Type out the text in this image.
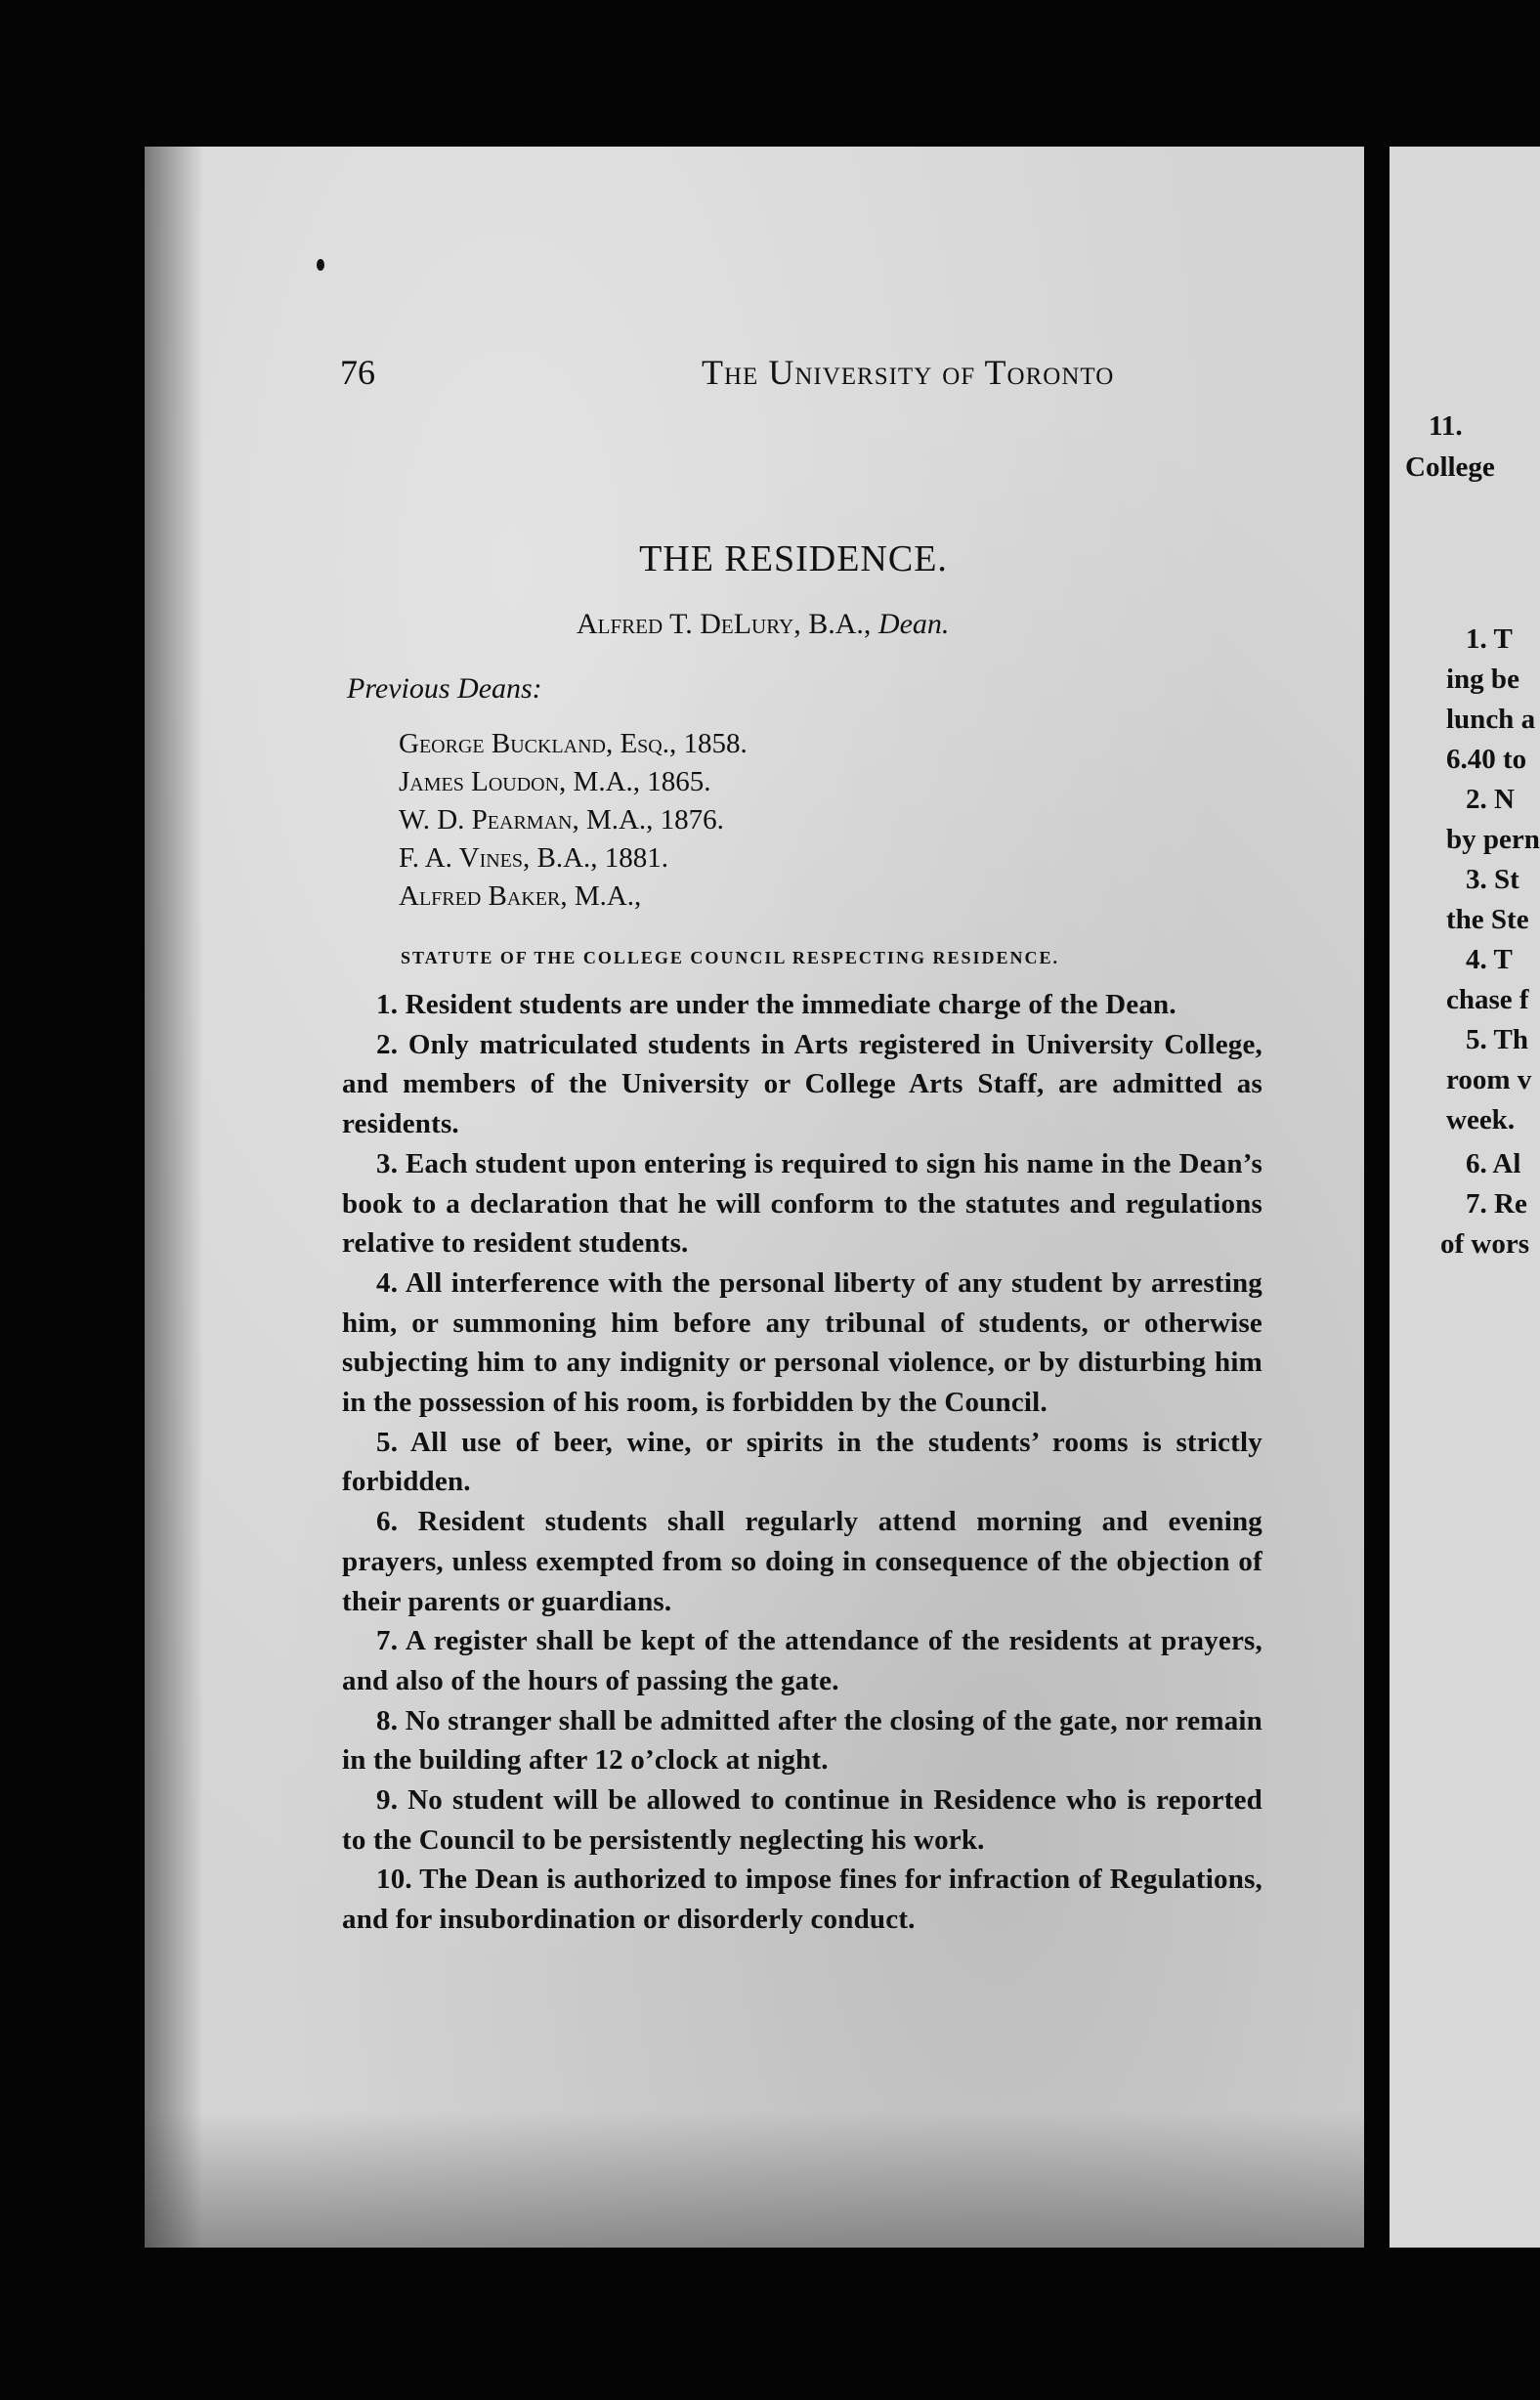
76	The University of Toronto
THE RESIDENCE.
Alfred T. DeLury, B.A., Dean.
Previous Deans:
George Buckland, Esq., 1858.
James Loudon, M.A., 1865.
W. D. Pearman, M.A., 1876.
F. A. Vines, B.A., 1881.
Alfred Baker, M.A.,
STATUTE OF THE COLLEGE COUNCIL RESPECTING RESIDENCE.

1. Resident students are under the immediate charge of the Dean.

2. Only matriculated students in Arts registered in University College, and members of the University or College Arts Staff, are admitted as residents.

3. Each student upon entering is required to sign his name in the Dean’s book to a declaration that he will conform to the statutes and regulations relative to resident students.

4. All interference with the personal liberty of any student by arresting him, or summoning him before any tribunal of students, or otherwise subjecting him to any indignity or personal violence, or by disturbing him in the possession of his room, is forbidden by the Council.

5. All use of beer, wine, or spirits in the students’ rooms is strictly forbidden.

6. Resident students shall regularly attend morning and evening prayers, unless exempted from so doing in consequence of the objection of their parents or guardians.

7. A register shall be kept of the attendance of the residents at prayers, and also of the hours of passing the gate.

8. No stranger shall be admitted after the closing of the gate, nor remain in the building after 12 o’clock at night.

9. No student will be allowed to continue in Residence who is reported to the Council to be persistently neglecting his work.

10. The Dean is authorized to impose fines for infraction of Regulations, and for insubordination or disorderly conduct.

11.
College
1. T
ing be
lunch a
6.40 to
2. N
by pern
3. St
the Ste
4. T
chase f
5. Th
room v
week.
6. Al
7. Re
of wors
